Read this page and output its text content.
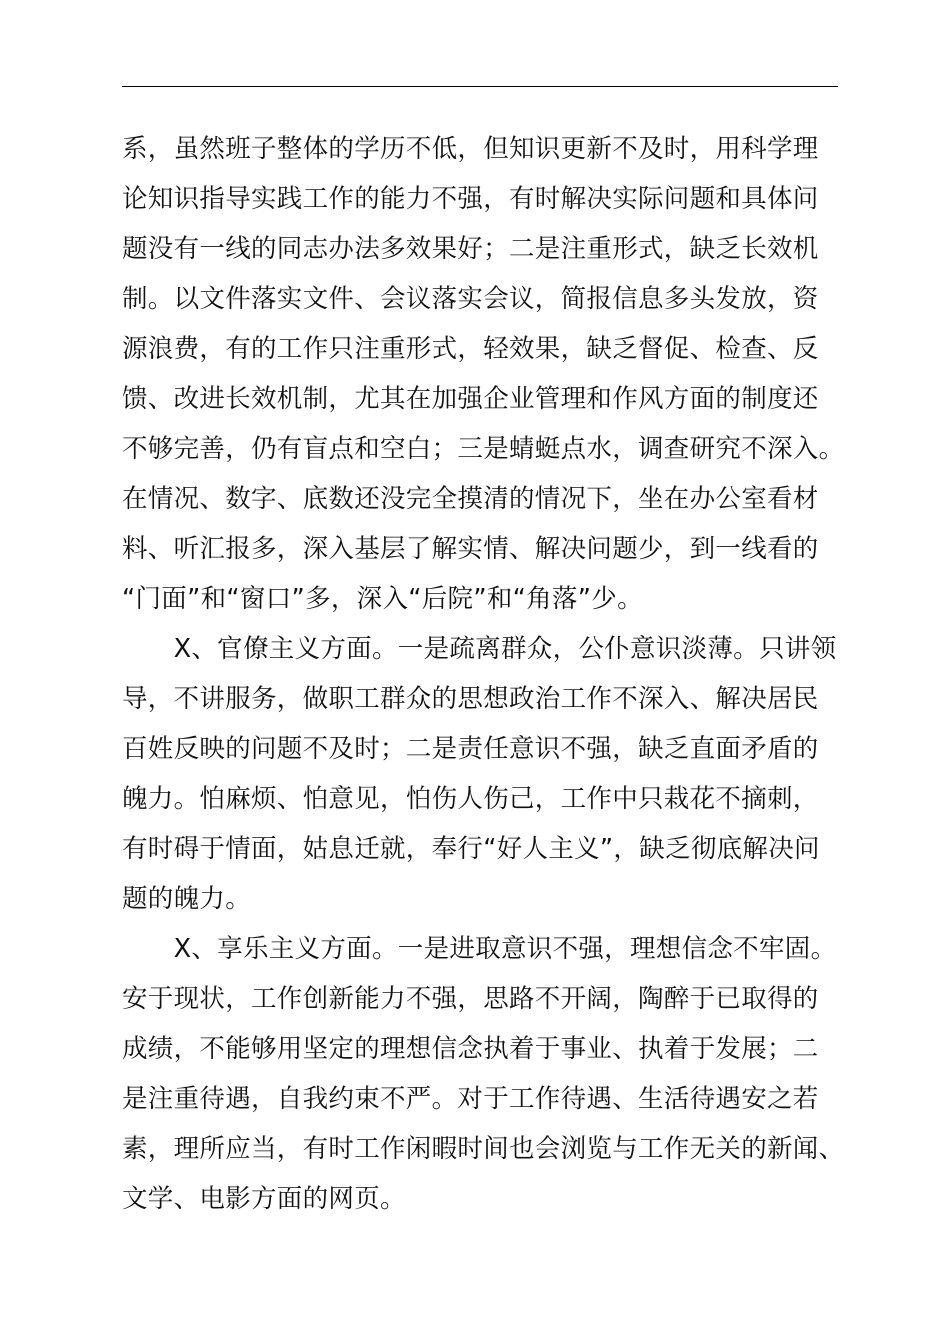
系，虽然班子整体的学历不低，但知识更新不及时，用科学理
论知识指导实践工作的能力不强，有时解决实际问题和具体问
题没有一线的同志办法多效果好；二是注重形式，缺乏长效机
制。以文件落实文件、会议落实会议，简报信息多头发放，资
源浪费，有的工作只注重形式，轻效果，缺乏督促、检查、反
馈、改进长效机制，尤其在加强企业管理和作风方面的制度还
不够完善，仍有盲点和空白；三是蜻蜓点水，调查研究不深入。
在情况、数字、底数还没完全摸清的情况下，坐在办公室看材
料、听汇报多，深入基层了解实情、解决问题少，到一线看的
“门面”和“窗口”多，深入“后院”和“角落”少。
　　X、官僚主义方面。一是疏离群众，公仆意识淡薄。只讲领
导，不讲服务，做职工群众的思想政治工作不深入、解决居民
百姓反映的问题不及时；二是责任意识不强，缺乏直面矛盾的
魄力。怕麻烦、怕意见，怕伤人伤己，工作中只栽花不摘刺，
有时碍于情面，姑息迁就，奉行“好人主义”，缺乏彻底解决问
题的魄力。
　　X、享乐主义方面。一是进取意识不强，理想信念不牢固。
安于现状，工作创新能力不强，思路不开阔，陶醉于已取得的
成绩，不能够用坚定的理想信念执着于事业、执着于发展；二
是注重待遇，自我约束不严。对于工作待遇、生活待遇安之若
素，理所应当，有时工作闲暇时间也会浏览与工作无关的新闻、
文学、电影方面的网页。
